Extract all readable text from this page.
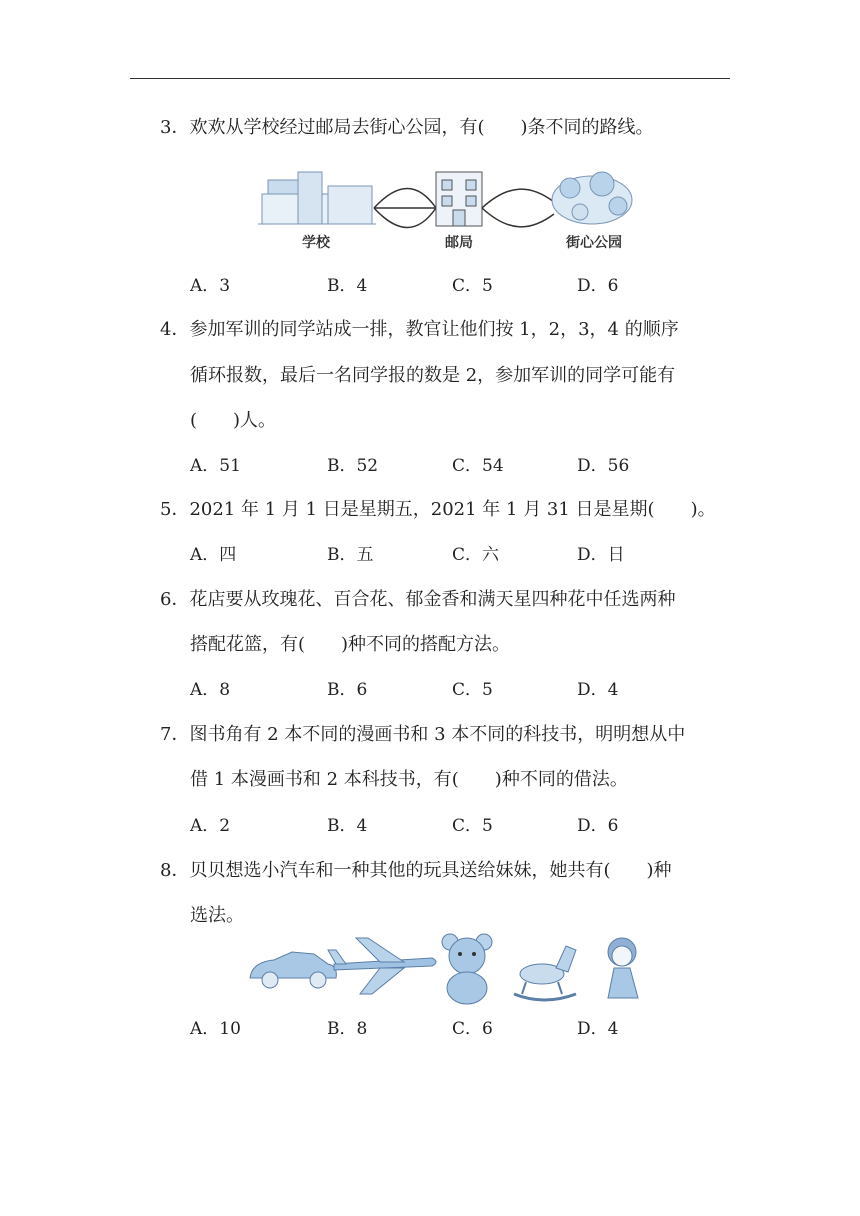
3．欢欢从学校经过邮局去街心公园，有(　　)条不同的路线。
学校	邮局	街心公园
A．3	B．4	C．5	D．6
4．参加军训的同学站成一排，教官让他们按 1，2，3，4 的顺序
循环报数，最后一名同学报的数是 2，参加军训的同学可能有
(　　)人。
A．51	B．52	C．54	D．56
5．2021 年 1 月 1 日是星期五，2021 年 1 月 31 日是星期(　　)。
A．四	B．五	C．六	D．日
6．花店要从玫瑰花、百合花、郁金香和满天星四种花中任选两种
搭配花篮，有(　　)种不同的搭配方法。
A．8	B．6	C．5	D．4
7．图书角有 2 本不同的漫画书和 3 本不同的科技书，明明想从中
借 1 本漫画书和 2 本科技书，有(　　)种不同的借法。
A．2	B．4	C．5	D．6
8．贝贝想选小汽车和一种其他的玩具送给妹妹，她共有(　　)种
选法。
A．10	B．8	C．6	D．4
